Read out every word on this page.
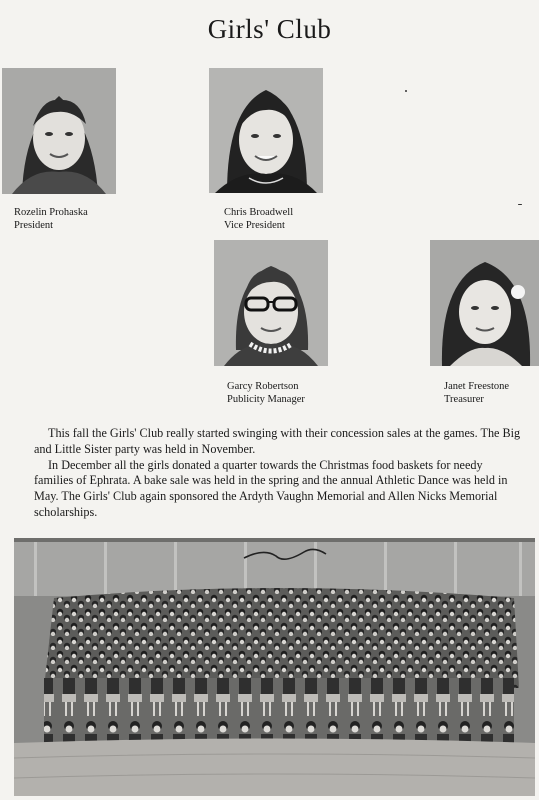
Girls' Club
Rozelin Prohaska
President
Chris Broadwell
Vice President
Garcy Robertson
Publicity Manager
Janet Freestone
Treasurer

This fall the Girls' Club really started swinging with their concession sales at the games. The Big and Little Sister party was held in November.

In December all the girls donated a quarter towards the Christmas food baskets for needy families of Ephrata. A bake sale was held in the spring and the annual Athletic Dance was held in May. The Girls' Club again sponsored the Ardyth Vaughn Memorial and Allen Nicks Memorial scholarships.
